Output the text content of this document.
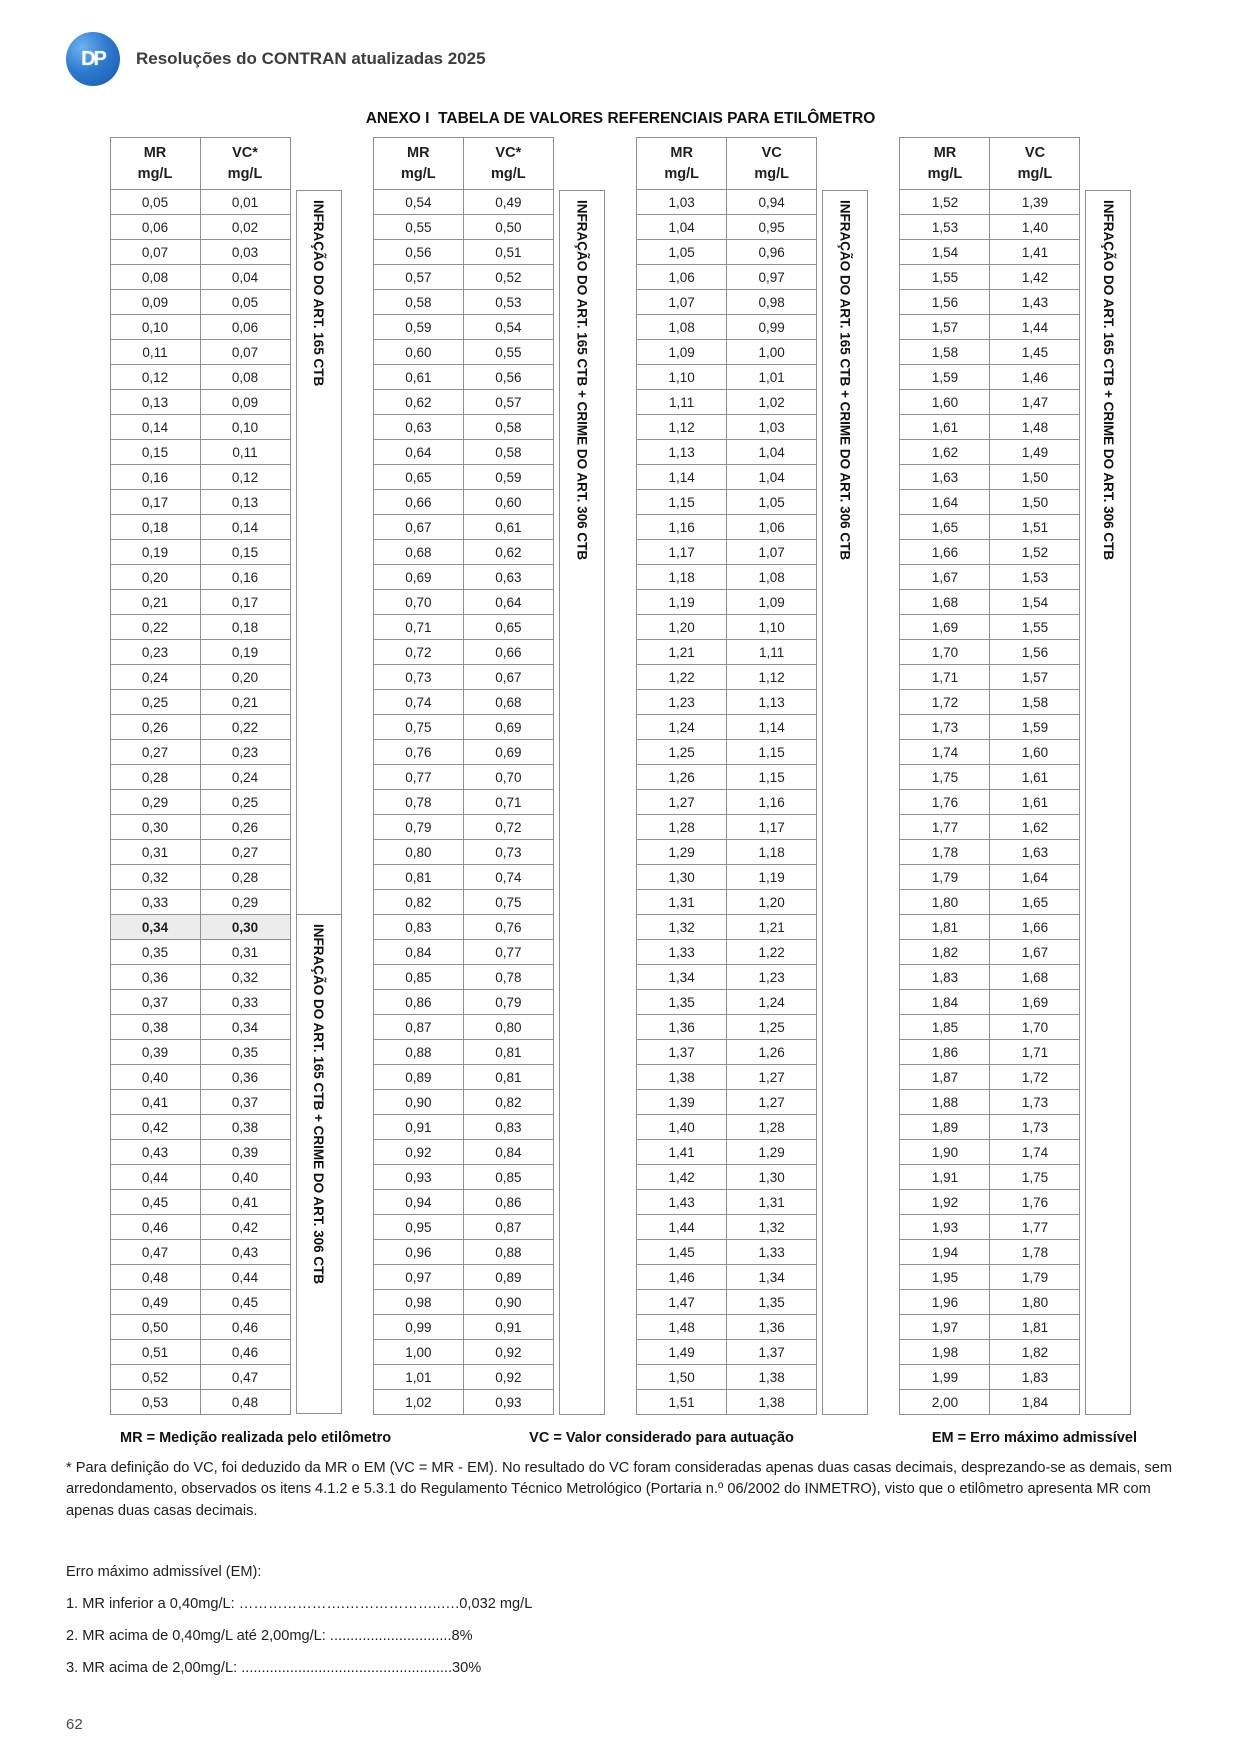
DP Resoluções do CONTRAN atualizadas 2025
ANEXO I  TABELA DE VALORES REFERENCIAIS PARA ETILÔMETRO
MR
mg/L

VC*
mg/L

0,05	0,01
0,06	0,02
0,07	0,03
0,08	0,04
0,09	0,05
0,10	0,06
0,11	0,07
0,12	0,08
0,13	0,09
0,14	0,10
0,15	0,11
0,16	0,12
0,17	0,13
0,18	0,14
0,19	0,15
0,20	0,16
0,21	0,17
0,22	0,18
0,23	0,19
0,24	0,20
0,25	0,21
0,26	0,22
0,27	0,23
0,28	0,24
0,29	0,25
0,30	0,26
0,31	0,27
0,32	0,28
0,33	0,29
0,34	0,30
0,35	0,31
0,36	0,32
0,37	0,33
0,38	0,34
0,39	0,35
0,40	0,36
0,41	0,37
0,42	0,38
0,43	0,39
0,44	0,40
0,45	0,41
0,46	0,42
0,47	0,43
0,48	0,44
0,49	0,45
0,50	0,46
0,51	0,46
0,52	0,47
0,53	0,48
INFRAÇÃO DO ART. 165 CTB
INFRAÇÃO DO ART. 165 CTB + CRIME DO ART. 306 CTB
MR
mg/L

VC*
mg/L

0,54	0,49
0,55	0,50
0,56	0,51
0,57	0,52
0,58	0,53
0,59	0,54
0,60	0,55
0,61	0,56
0,62	0,57
0,63	0,58
0,64	0,58
0,65	0,59
0,66	0,60
0,67	0,61
0,68	0,62
0,69	0,63
0,70	0,64
0,71	0,65
0,72	0,66
0,73	0,67
0,74	0,68
0,75	0,69
0,76	0,69
0,77	0,70
0,78	0,71
0,79	0,72
0,80	0,73
0,81	0,74
0,82	0,75
0,83	0,76
0,84	0,77
0,85	0,78
0,86	0,79
0,87	0,80
0,88	0,81
0,89	0,81
0,90	0,82
0,91	0,83
0,92	0,84
0,93	0,85
0,94	0,86
0,95	0,87
0,96	0,88
0,97	0,89
0,98	0,90
0,99	0,91
1,00	0,92
1,01	0,92
1,02	0,93
INFRAÇÃO DO ART. 165 CTB + CRIME DO ART. 306 CTB
MR
mg/L

VC
mg/L

1,03	0,94
1,04	0,95
1,05	0,96
1,06	0,97
1,07	0,98
1,08	0,99
1,09	1,00
1,10	1,01
1,11	1,02
1,12	1,03
1,13	1,04
1,14	1,04
1,15	1,05
1,16	1,06
1,17	1,07
1,18	1,08
1,19	1,09
1,20	1,10
1,21	1,11
1,22	1,12
1,23	1,13
1,24	1,14
1,25	1,15
1,26	1,15
1,27	1,16
1,28	1,17
1,29	1,18
1,30	1,19
1,31	1,20
1,32	1,21
1,33	1,22
1,34	1,23
1,35	1,24
1,36	1,25
1,37	1,26
1,38	1,27
1,39	1,27
1,40	1,28
1,41	1,29
1,42	1,30
1,43	1,31
1,44	1,32
1,45	1,33
1,46	1,34
1,47	1,35
1,48	1,36
1,49	1,37
1,50	1,38
1,51	1,38
INFRAÇÃO DO ART. 165 CTB + CRIME DO ART. 306 CTB
MR
mg/L

VC
mg/L

1,52	1,39
1,53	1,40
1,54	1,41
1,55	1,42
1,56	1,43
1,57	1,44
1,58	1,45
1,59	1,46
1,60	1,47
1,61	1,48
1,62	1,49
1,63	1,50
1,64	1,50
1,65	1,51
1,66	1,52
1,67	1,53
1,68	1,54
1,69	1,55
1,70	1,56
1,71	1,57
1,72	1,58
1,73	1,59
1,74	1,60
1,75	1,61
1,76	1,61
1,77	1,62
1,78	1,63
1,79	1,64
1,80	1,65
1,81	1,66
1,82	1,67
1,83	1,68
1,84	1,69
1,85	1,70
1,86	1,71
1,87	1,72
1,88	1,73
1,89	1,73
1,90	1,74
1,91	1,75
1,92	1,76
1,93	1,77
1,94	1,78
1,95	1,79
1,96	1,80
1,97	1,81
1,98	1,82
1,99	1,83
2,00	1,84
INFRAÇÃO DO ART. 165 CTB + CRIME DO ART. 306 CTB
MR = Medição realizada pelo etilômetro	VC = Valor considerado para autuação	EM = Erro máximo admissível

* Para definição do VC, foi deduzido da MR o EM (VC = MR - EM). No resultado do VC foram consideradas apenas duas casas decimais, desprezando-se as demais, sem arredondamento, observados os itens 4.1.2 e 5.3.1 do Regulamento Técnico Metrológico (Portaria n.º 06/2002 do INMETRO), visto que o etilômetro apresenta MR com apenas duas casas decimais.

Erro máximo admissível (EM):
1. MR inferior a 0,40mg/L: ………………….………………..….0,032 mg/L
2. MR acima de 0,40mg/L até 2,00mg/L: ..............................8%
3. MR acima de 2,00mg/L: ....................................................30%
62
